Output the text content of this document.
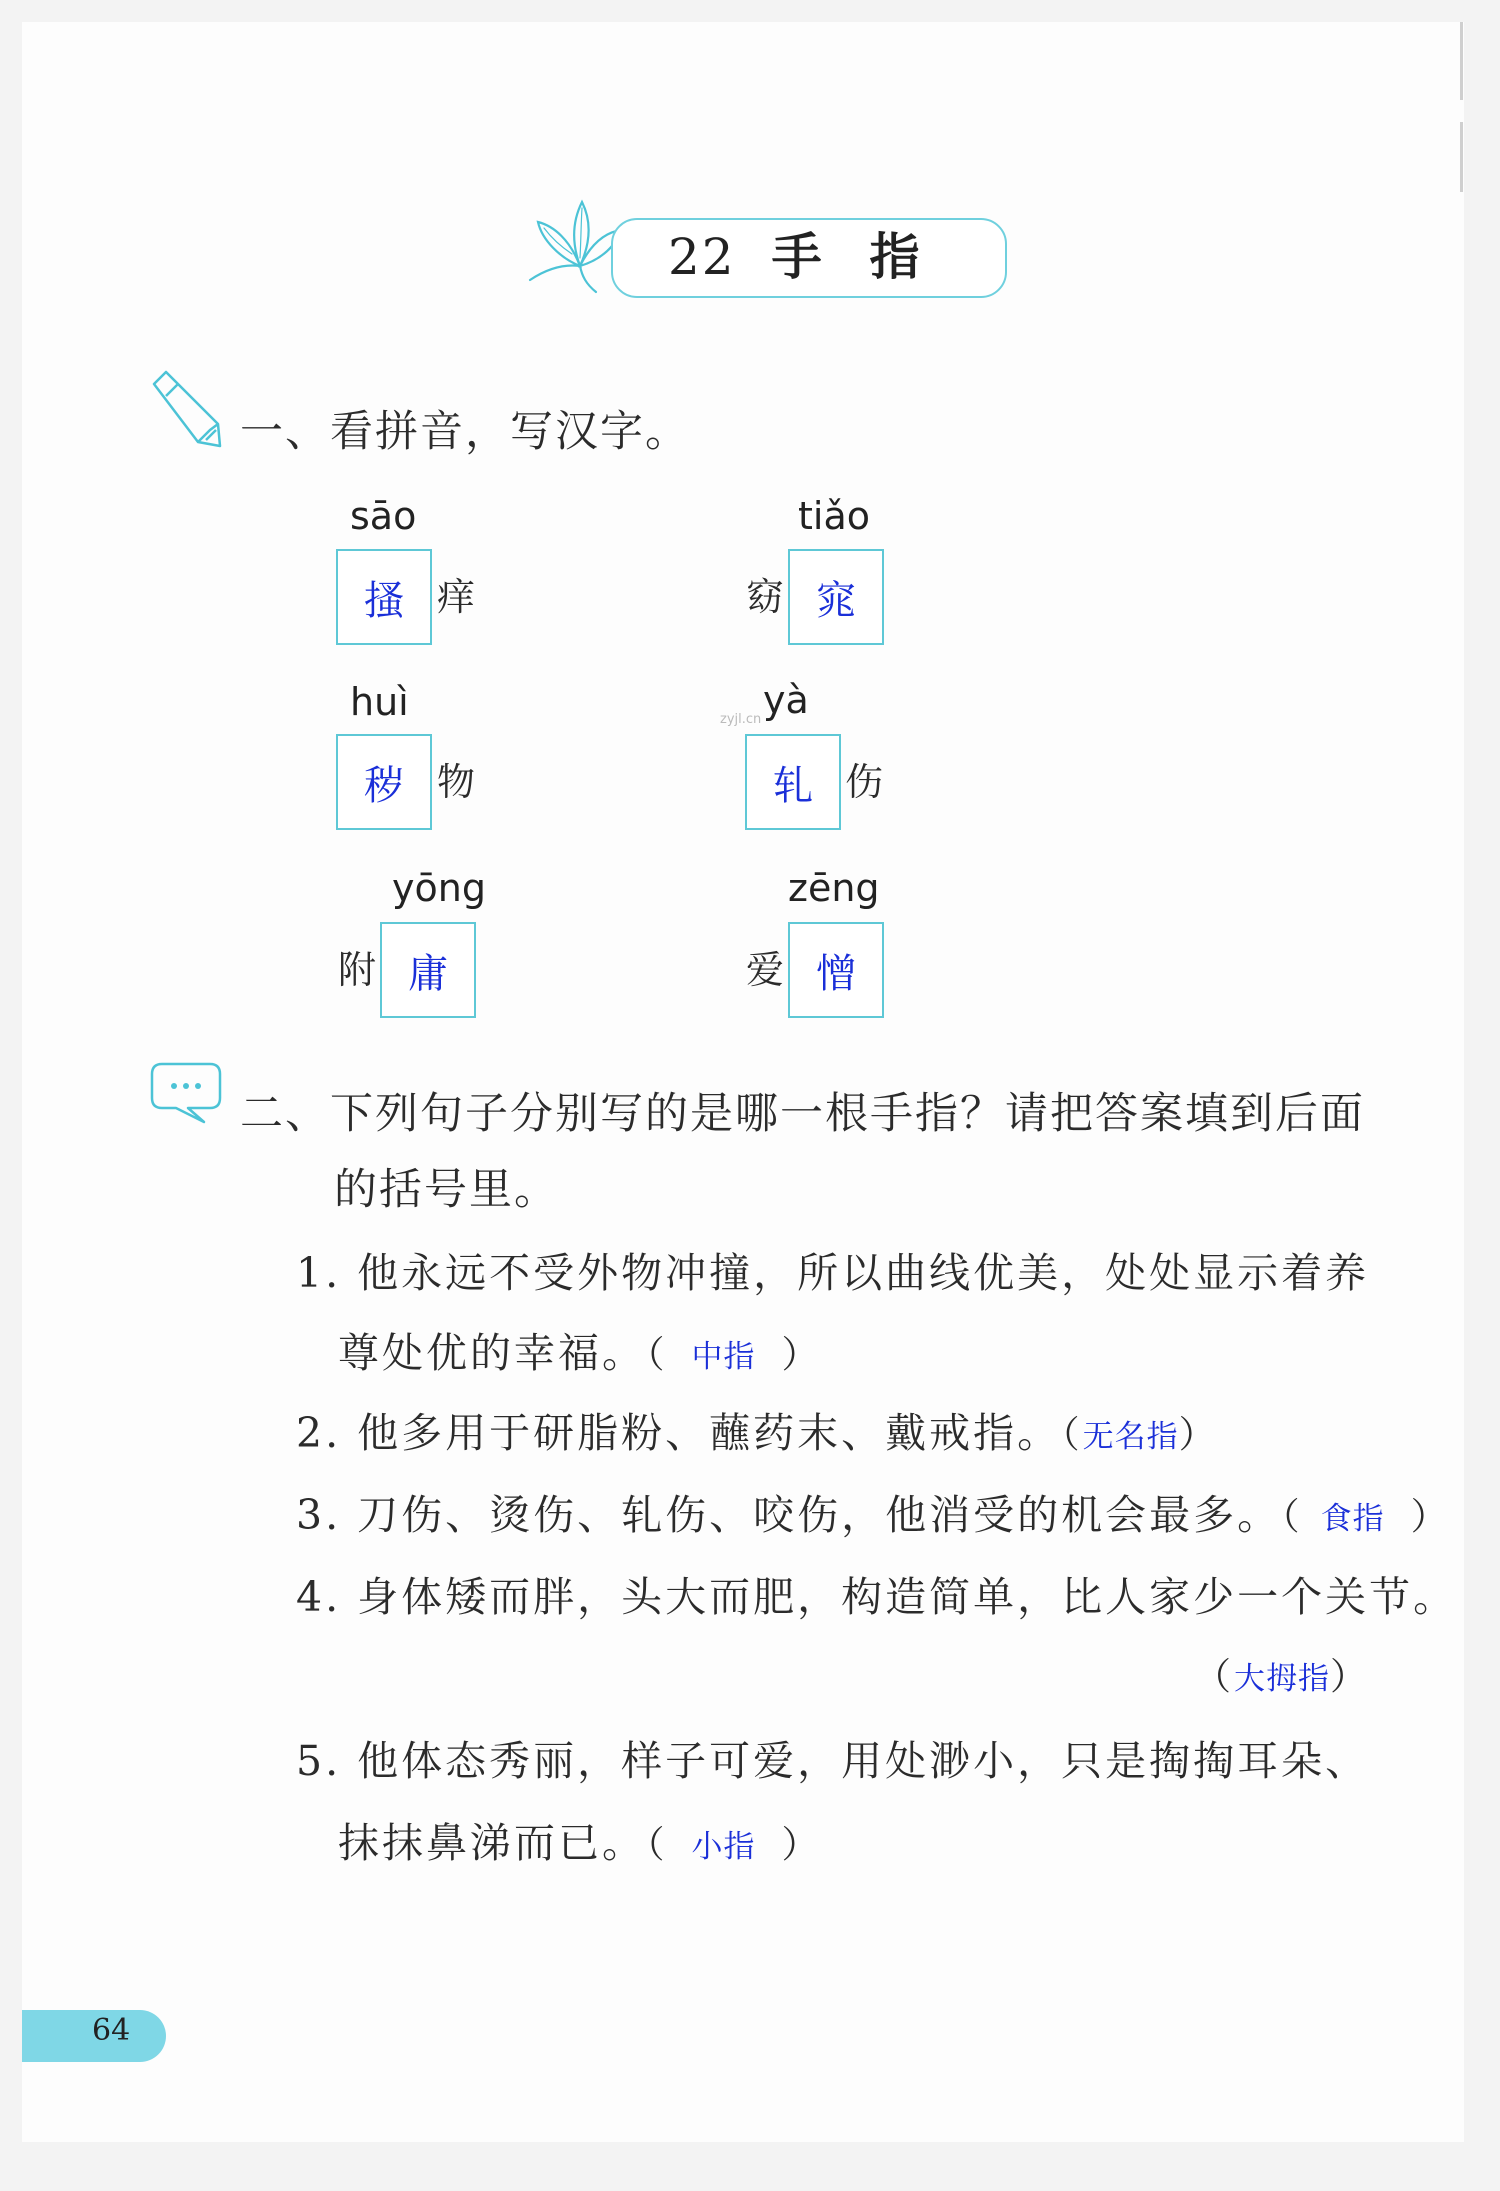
22 手 指
一、看拼音，写汉字。
sāo
搔 痒
tiǎo
窈 窕
huì
秽 物
zyjl.cn yà
轧 伤
yōng
附 庸
zēng
爱 憎
二、下列句子分别写的是哪一根手指？请把答案填到后面
的括号里。
1. 他永远不受外物冲撞，所以曲线优美，处处显示着养
尊处优的幸福。（ 中指 ）
2. 他多用于研脂粉、蘸药末、戴戒指。（无名指）
3. 刀伤、烫伤、轧伤、咬伤，他消受的机会最多。（ 食指 ）
4. 身体矮而胖，头大而肥，构造简单，比人家少一个关节。
（大拇指）
5. 他体态秀丽，样子可爱，用处渺小，只是掏掏耳朵、
抹抹鼻涕而已。（ 小指 ）
64
